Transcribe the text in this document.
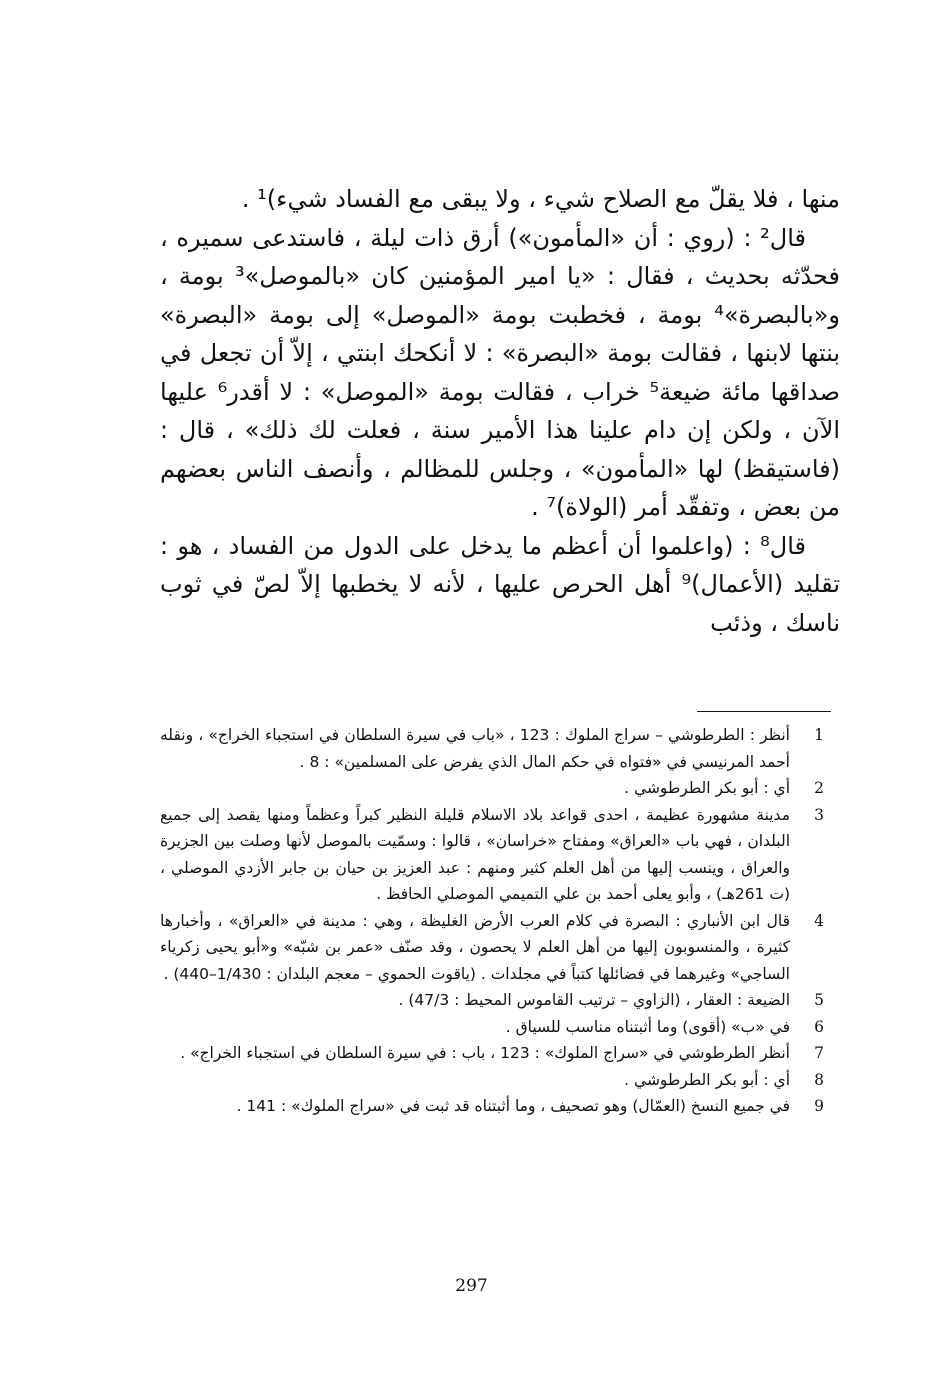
منها ، فلا يقلّ مع الصلاح شيء ، ولا يبقى مع الفساد شيء)¹ .

قال² : (روي : أن «المأمون») أرق ذات ليلة ، فاستدعى سميره ، فحدّثه بحديث ، فقال : «يا امير المؤمنين كان «بالموصل»³ بومة ، و«بالبصرة»⁴ بومة ، فخطبت بومة «الموصل» إلى بومة «البصرة» بنتها لابنها ، فقالت بومة «البصرة» : لا أنكحك ابنتي ، إلاّ أن تجعل في صداقها مائة ضيعة⁵ خراب ، فقالت بومة «الموصل» : لا أقدر⁶ عليها الآن ، ولكن إن دام علينا هذا الأمير سنة ، فعلت لك ذلك» ، قال : (فاستيقظ) لها «المأمون» ، وجلس للمظالم ، وأنصف الناس بعضهم من بعض ، وتفقّد أمر (الولاة)⁷ .

قال⁸ : (واعلموا أن أعظم ما يدخل على الدول من الفساد ، هو : تقليد (الأعمال)⁹ أهل الحرص عليها ، لأنه لا يخطبها إلاّ لصّ في ثوب ناسك ، وذئب

1
أنظر : الطرطوشي – سراج الملوك : 123 ، «باب في سيرة السلطان في استجباء الخراج» ، ونقله أحمد المرنيسي في «فتواه في حكم المال الذي يفرض على المسلمين» : 8 .
2
أي : أبو بكر الطرطوشي .
3
مدينة مشهورة عظيمة ، احدى قواعد بلاد الاسلام قليلة النظير كبراً وعظماً ومنها يقصد إلى جميع البلدان ، فهي باب «العراق» ومفتاح «خراسان» ، قالوا : وسمّيت بالموصل لأنها وصلت بين الجزيرة والعراق ، وينسب إليها من أهل العلم كثير ومنهم : عبد العزيز بن حيان بن جابر الأزدي الموصلي ، (ت 261هـ) ، وأبو يعلى أحمد بن علي التميمي الموصلي الحافظ .
4
قال ابن الأنباري : البصرة في كلام العرب الأرض الغليظة ، وهي : مدينة في «العراق» ، وأخبارها كثيرة ، والمنسوبون إليها من أهل العلم لا يحصون ، وقد صنّف «عمر بن شبّه» و«أبو يحيى زكرياء الساجي» وغيرهما في فضائلها كتباً في مجلدات . (ياقوت الحموي – معجم البلدان : 1/430–440) .
5
الضيعة : العقار ، (الزاوي – ترتيب القاموس المحيط : 47/3) .
6
في «ب» (أقوى) وما أثبتناه مناسب للسياق .
7
أنظر الطرطوشي في «سراج الملوك» : 123 ، باب : في سيرة السلطان في استجباء الخراج» .
8
أي : أبو بكر الطرطوشي .
9
في جميع النسخ (العمّال) وهو تصحيف ، وما أثبتناه قد ثبت في «سراج الملوك» : 141 .
297
